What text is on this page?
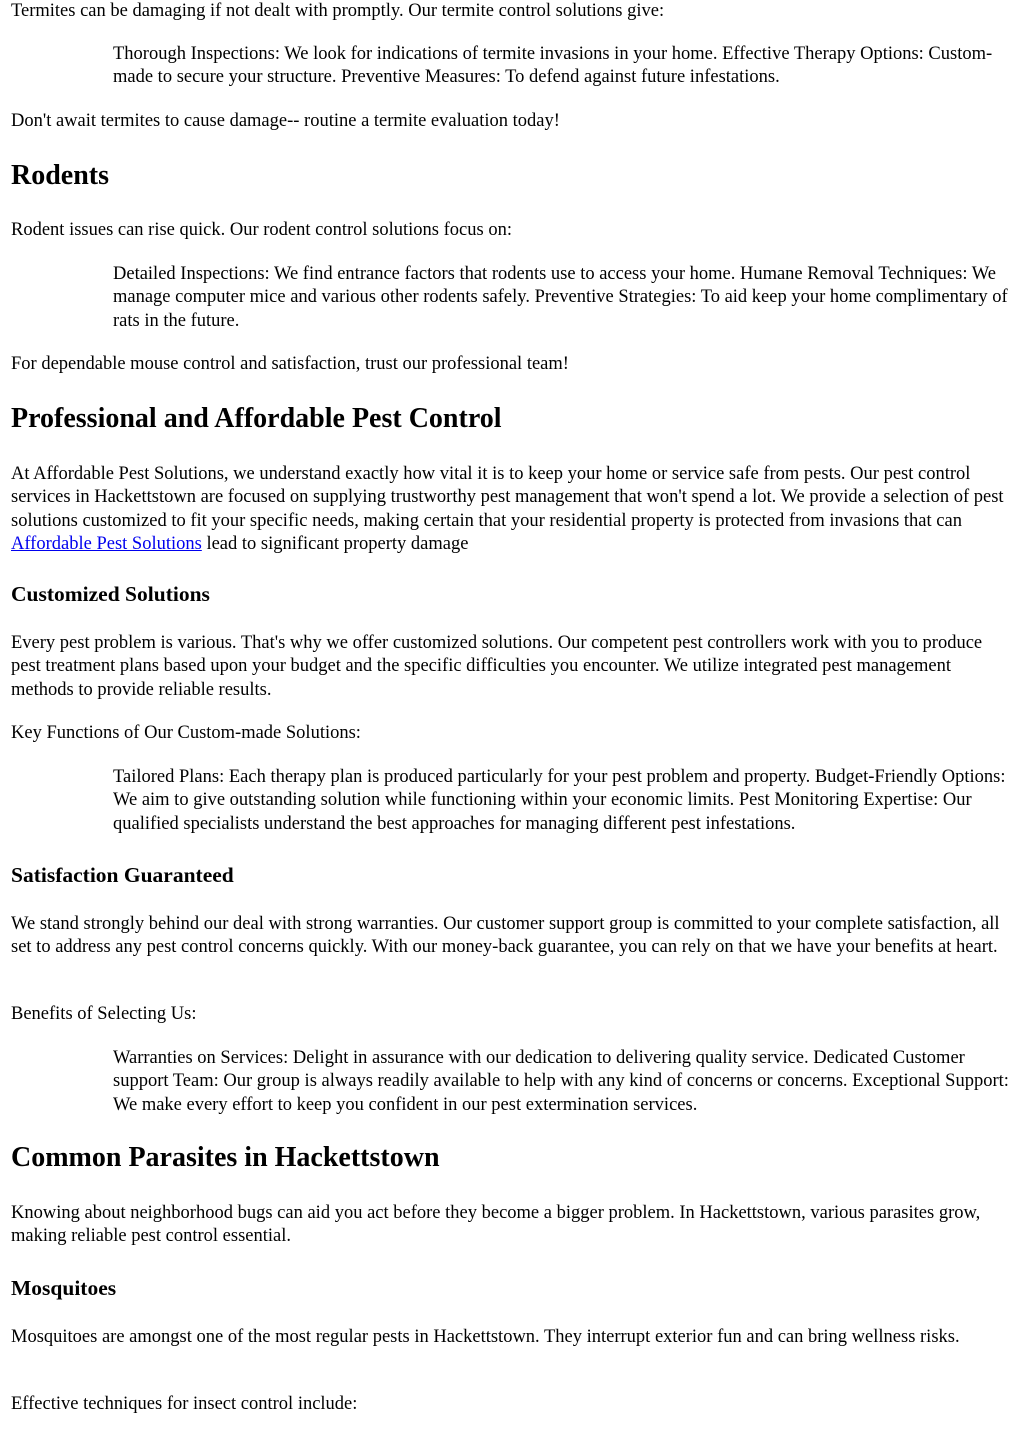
Termites can be damaging if not dealt with promptly. Our termite control solutions give:

Thorough Inspections: We look for indications of termite invasions in your home. Effective Therapy Options: Custom-made to secure your structure. Preventive Measures: To defend against future infestations.

Don't await termites to cause damage-- routine a termite evaluation today!

Rodents

Rodent issues can rise quick. Our rodent control solutions focus on:

Detailed Inspections: We find entrance factors that rodents use to access your home. Humane Removal Techniques: We manage computer mice and various other rodents safely. Preventive Strategies: To aid keep your home complimentary of rats in the future.

For dependable mouse control and satisfaction, trust our professional team!

Professional and Affordable Pest Control

At Affordable Pest Solutions, we understand exactly how vital it is to keep your home or service safe from pests. Our pest control services in Hackettstown are focused on supplying trustworthy pest management that won't spend a lot. We provide a selection of pest solutions customized to fit your specific needs, making certain that your residential property is protected from invasions that can Affordable Pest Solutions lead to significant property damage

Customized Solutions

Every pest problem is various. That's why we offer customized solutions. Our competent pest controllers work with you to produce pest treatment plans based upon your budget and the specific difficulties you encounter. We utilize integrated pest management methods to provide reliable results.

Key Functions of Our Custom-made Solutions:

Tailored Plans: Each therapy plan is produced particularly for your pest problem and property. Budget-Friendly Options: We aim to give outstanding solution while functioning within your economic limits. Pest Monitoring Expertise: Our qualified specialists understand the best approaches for managing different pest infestations.
Satisfaction Guaranteed

We stand strongly behind our deal with strong warranties. Our customer support group is committed to your complete satisfaction, all set to address any pest control concerns quickly. With our money-back guarantee, you can rely on that we have your benefits at heart.

Benefits of Selecting Us:

Warranties on Services: Delight in assurance with our dedication to delivering quality service. Dedicated Customer support Team: Our group is always readily available to help with any kind of concerns or concerns. Exceptional Support: We make every effort to keep you confident in our pest extermination services.
Common Parasites in Hackettstown

Knowing about neighborhood bugs can aid you act before they become a bigger problem. In Hackettstown, various parasites grow, making reliable pest control essential.

Mosquitoes

Mosquitoes are amongst one of the most regular pests in Hackettstown. They interrupt exterior fun and can bring wellness risks.

Effective techniques for insect control include:
